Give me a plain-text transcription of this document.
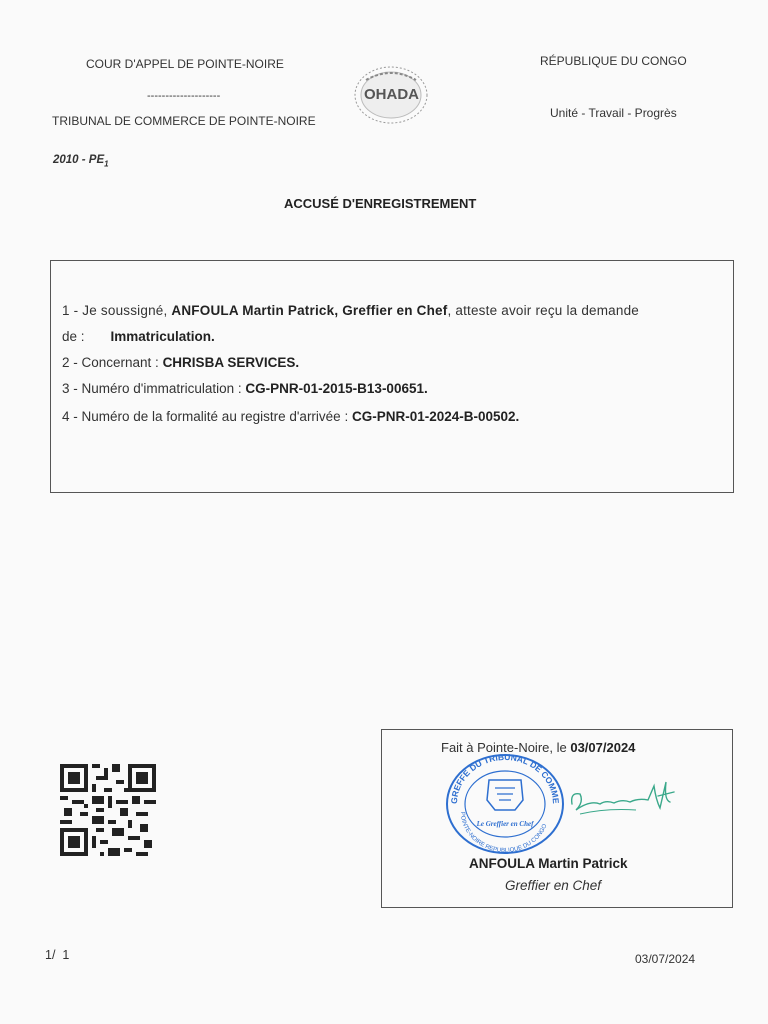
COUR D'APPEL DE POINTE-NOIRE
--------------------
TRIBUNAL DE COMMERCE DE POINTE-NOIRE
$2010 - PE_1$
OHADA
RÉPUBLIQUE DU CONGO
Unité - Travail - Progrès
ACCUSÉ D'ENREGISTREMENT
1 - Je soussigné, ANFOULA Martin Patrick, Greffier en Chef, atteste avoir reçu la demande
de : Immatriculation.
2 - Concernant : CHRISBA SERVICES.
3 - Numéro d'immatriculation : CG-PNR-01-2015-B13-00651.
4 - Numéro de la formalité au registre d'arrivée : CG-PNR-01-2024-B-00502.
Fait à Pointe-Noire, le 03/07/2024
GREFFE DU TRIBUNAL DE COMME
POINTE-NOIRE REPUBLIQUE DU CONGO
Le Greffier en Chef
ANFOULA Martin Patrick
Greffier en Chef
1/  1	03/07/2024
